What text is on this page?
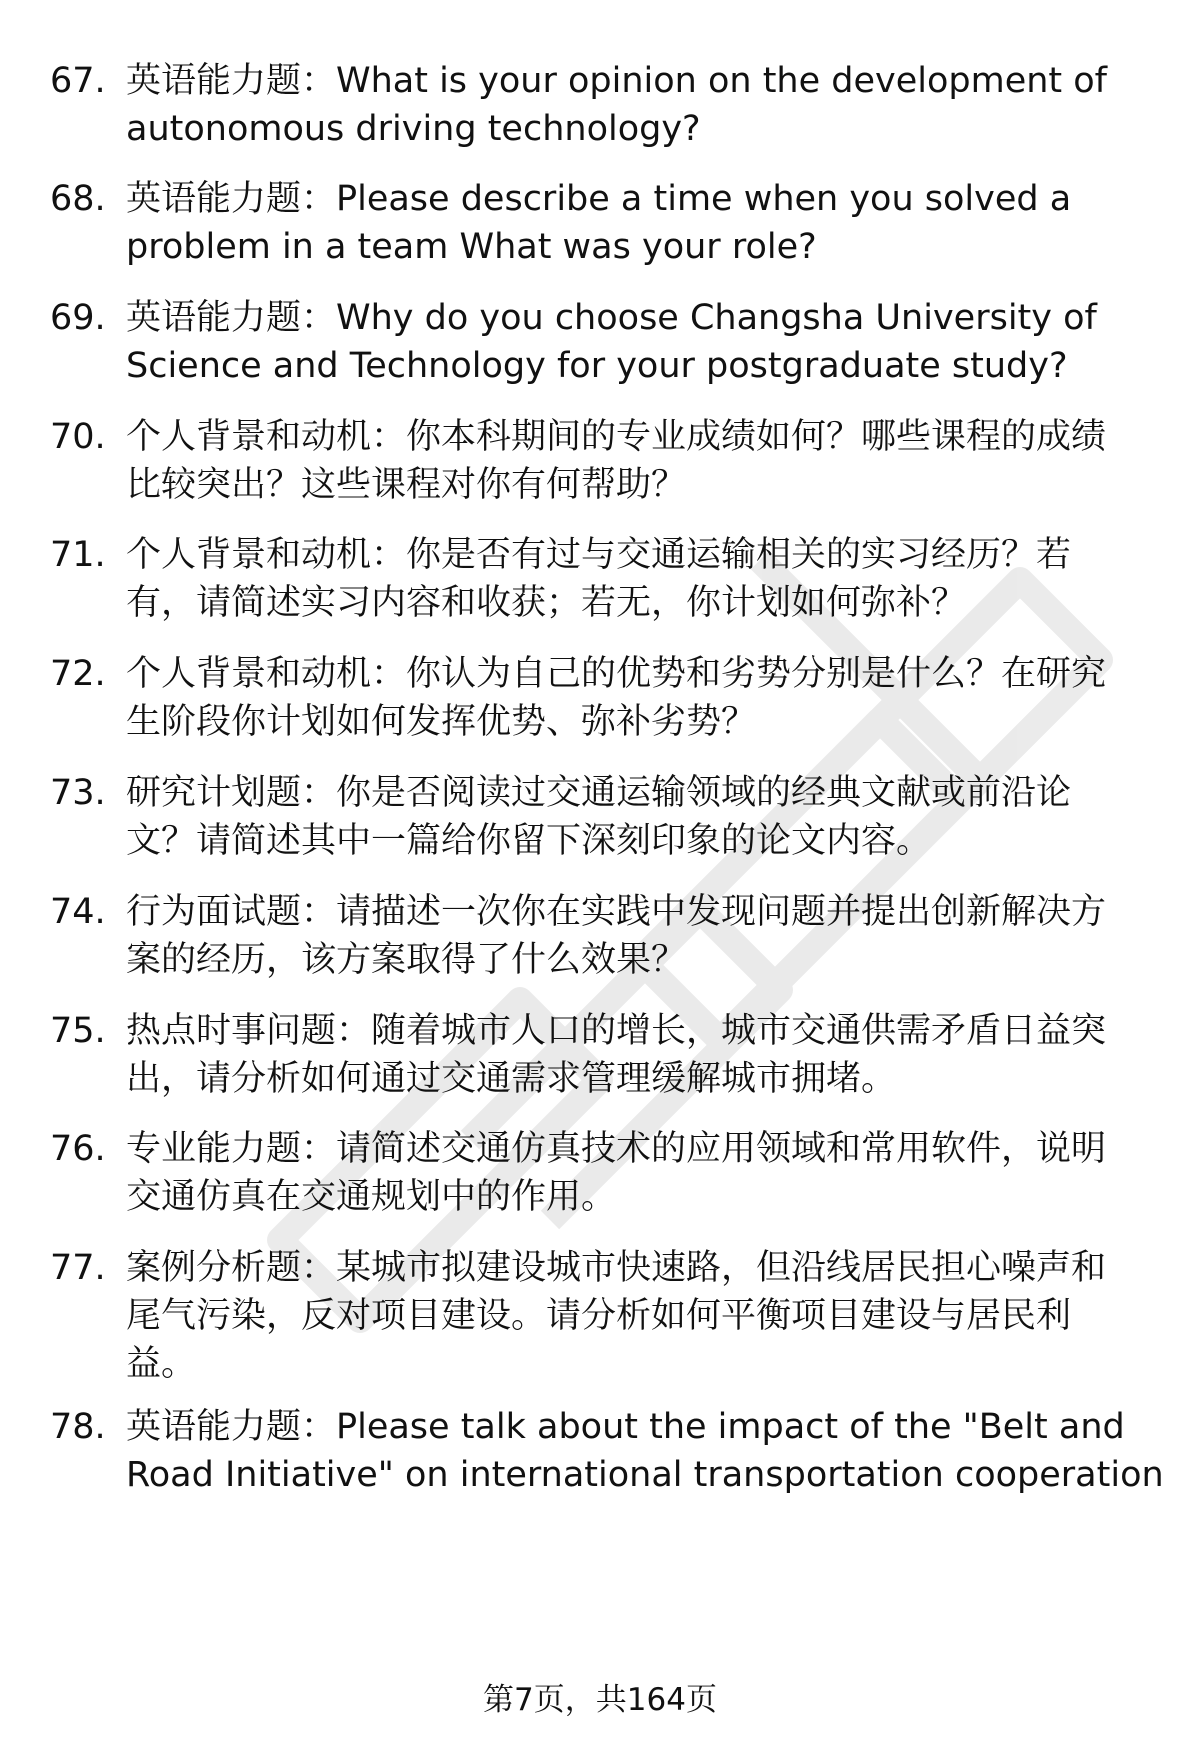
67. 英语能力题：What is your opinion on the development of
autonomous driving technology?
68. 英语能力题：Please describe a time when you solved a
problem in a team What was your role?
69. 英语能力题：Why do you choose Changsha University of
Science and Technology for your postgraduate study?
70. 个人背景和动机：你本科期间的专业成绩如何？哪些课程的成绩
比较突出？这些课程对你有何帮助？
71. 个人背景和动机：你是否有过与交通运输相关的实习经历？若
有，请简述实习内容和收获；若无，你计划如何弥补？
72. 个人背景和动机：你认为自己的优势和劣势分别是什么？在研究
生阶段你计划如何发挥优势、弥补劣势？
73. 研究计划题：你是否阅读过交通运输领域的经典文献或前沿论
文？请简述其中一篇给你留下深刻印象的论文内容。
74. 行为面试题：请描述一次你在实践中发现问题并提出创新解决方
案的经历，该方案取得了什么效果？
75. 热点时事问题：随着城市人口的增长，城市交通供需矛盾日益突
出，请分析如何通过交通需求管理缓解城市拥堵。
76. 专业能力题：请简述交通仿真技术的应用领域和常用软件，说明
交通仿真在交通规划中的作用。
77. 案例分析题：某城市拟建设城市快速路，但沿线居民担心噪声和
尾气污染，反对项目建设。请分析如何平衡项目建设与居民利
益。
78. 英语能力题：Please talk about the impact of the "Belt and
Road Initiative" on international transportation cooperation
第7页，共164页
